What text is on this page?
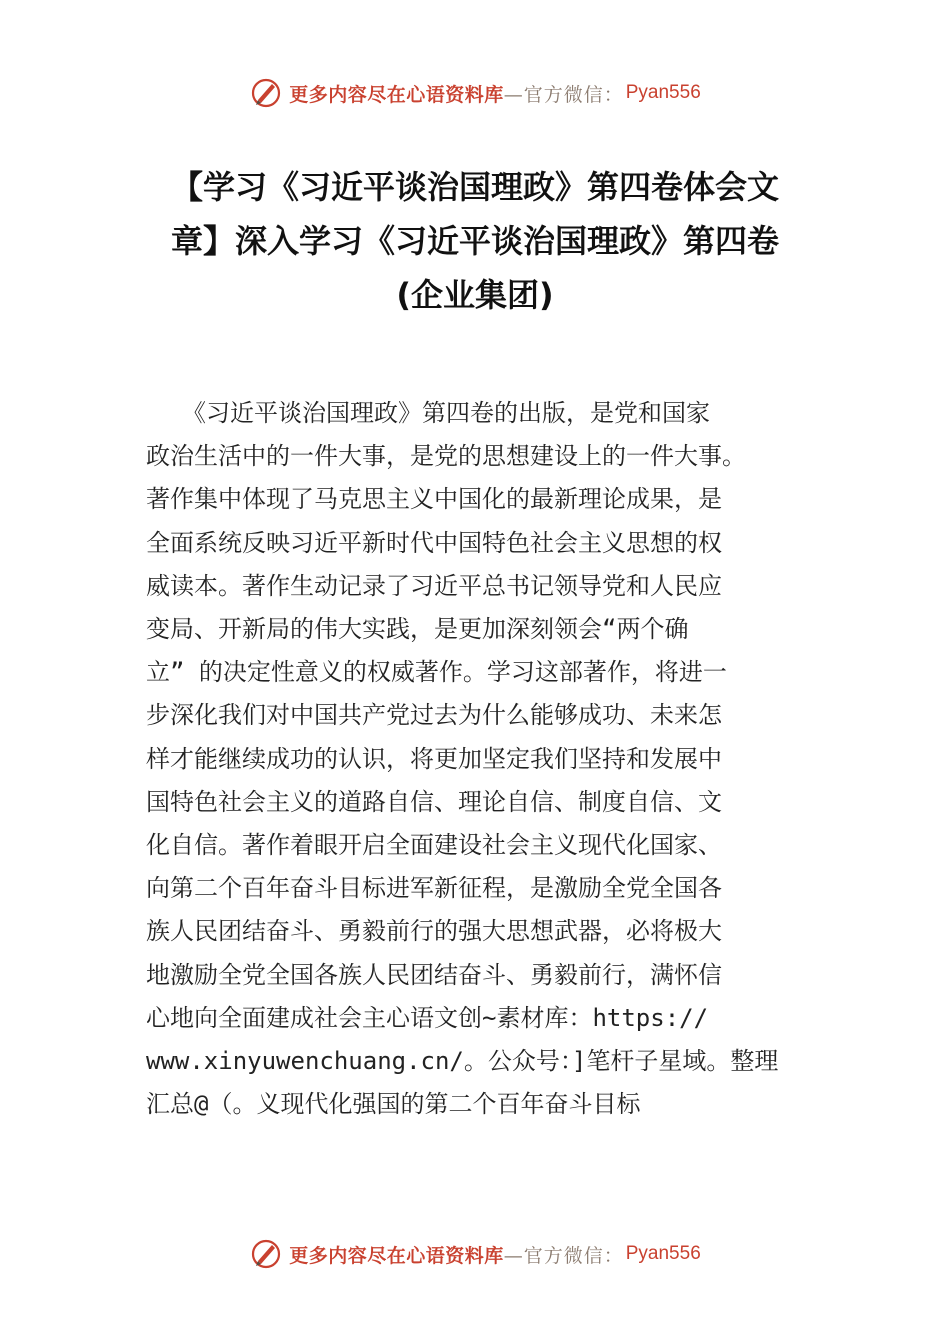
更多内容尽在心语资料库 —官方微信： Pyan556
【学习《习近平谈治国理政》第四卷体会文
章】深入学习《习近平谈治国理政》第四卷
(企业集团)
　　《习近平谈治国理政》第四卷的出版，是党和国家
政治生活中的一件大事，是党的思想建设上的一件大事。
著作集中体现了马克思主义中国化的最新理论成果，是
全面系统反映习近平新时代中国特色社会主义思想的权
威读本。著作生动记录了习近平总书记领导党和人民应
变局、开新局的伟大实践，是更加深刻领会“两个确
立” 的决定性意义的权威著作。学习这部著作，将进一
步深化我们对中国共产党过去为什么能够成功、未来怎
样才能继续成功的认识，将更加坚定我们坚持和发展中
国特色社会主义的道路自信、理论自信、制度自信、文
化自信。著作着眼开启全面建设社会主义现代化国家、
向第二个百年奋斗目标进军新征程，是激励全党全国各
族人民团结奋斗、勇毅前行的强大思想武器，必将极大
地激励全党全国各族人民团结奋斗、勇毅前行，满怀信
心地向全面建成社会主心语文创~素材库：https://
www.xinyuwenchuang.cn/。公众号：]笔杆子星域。整理
汇总@（。义现代化强国的第二个百年奋斗目标
更多内容尽在心语资料库 —官方微信： Pyan556
